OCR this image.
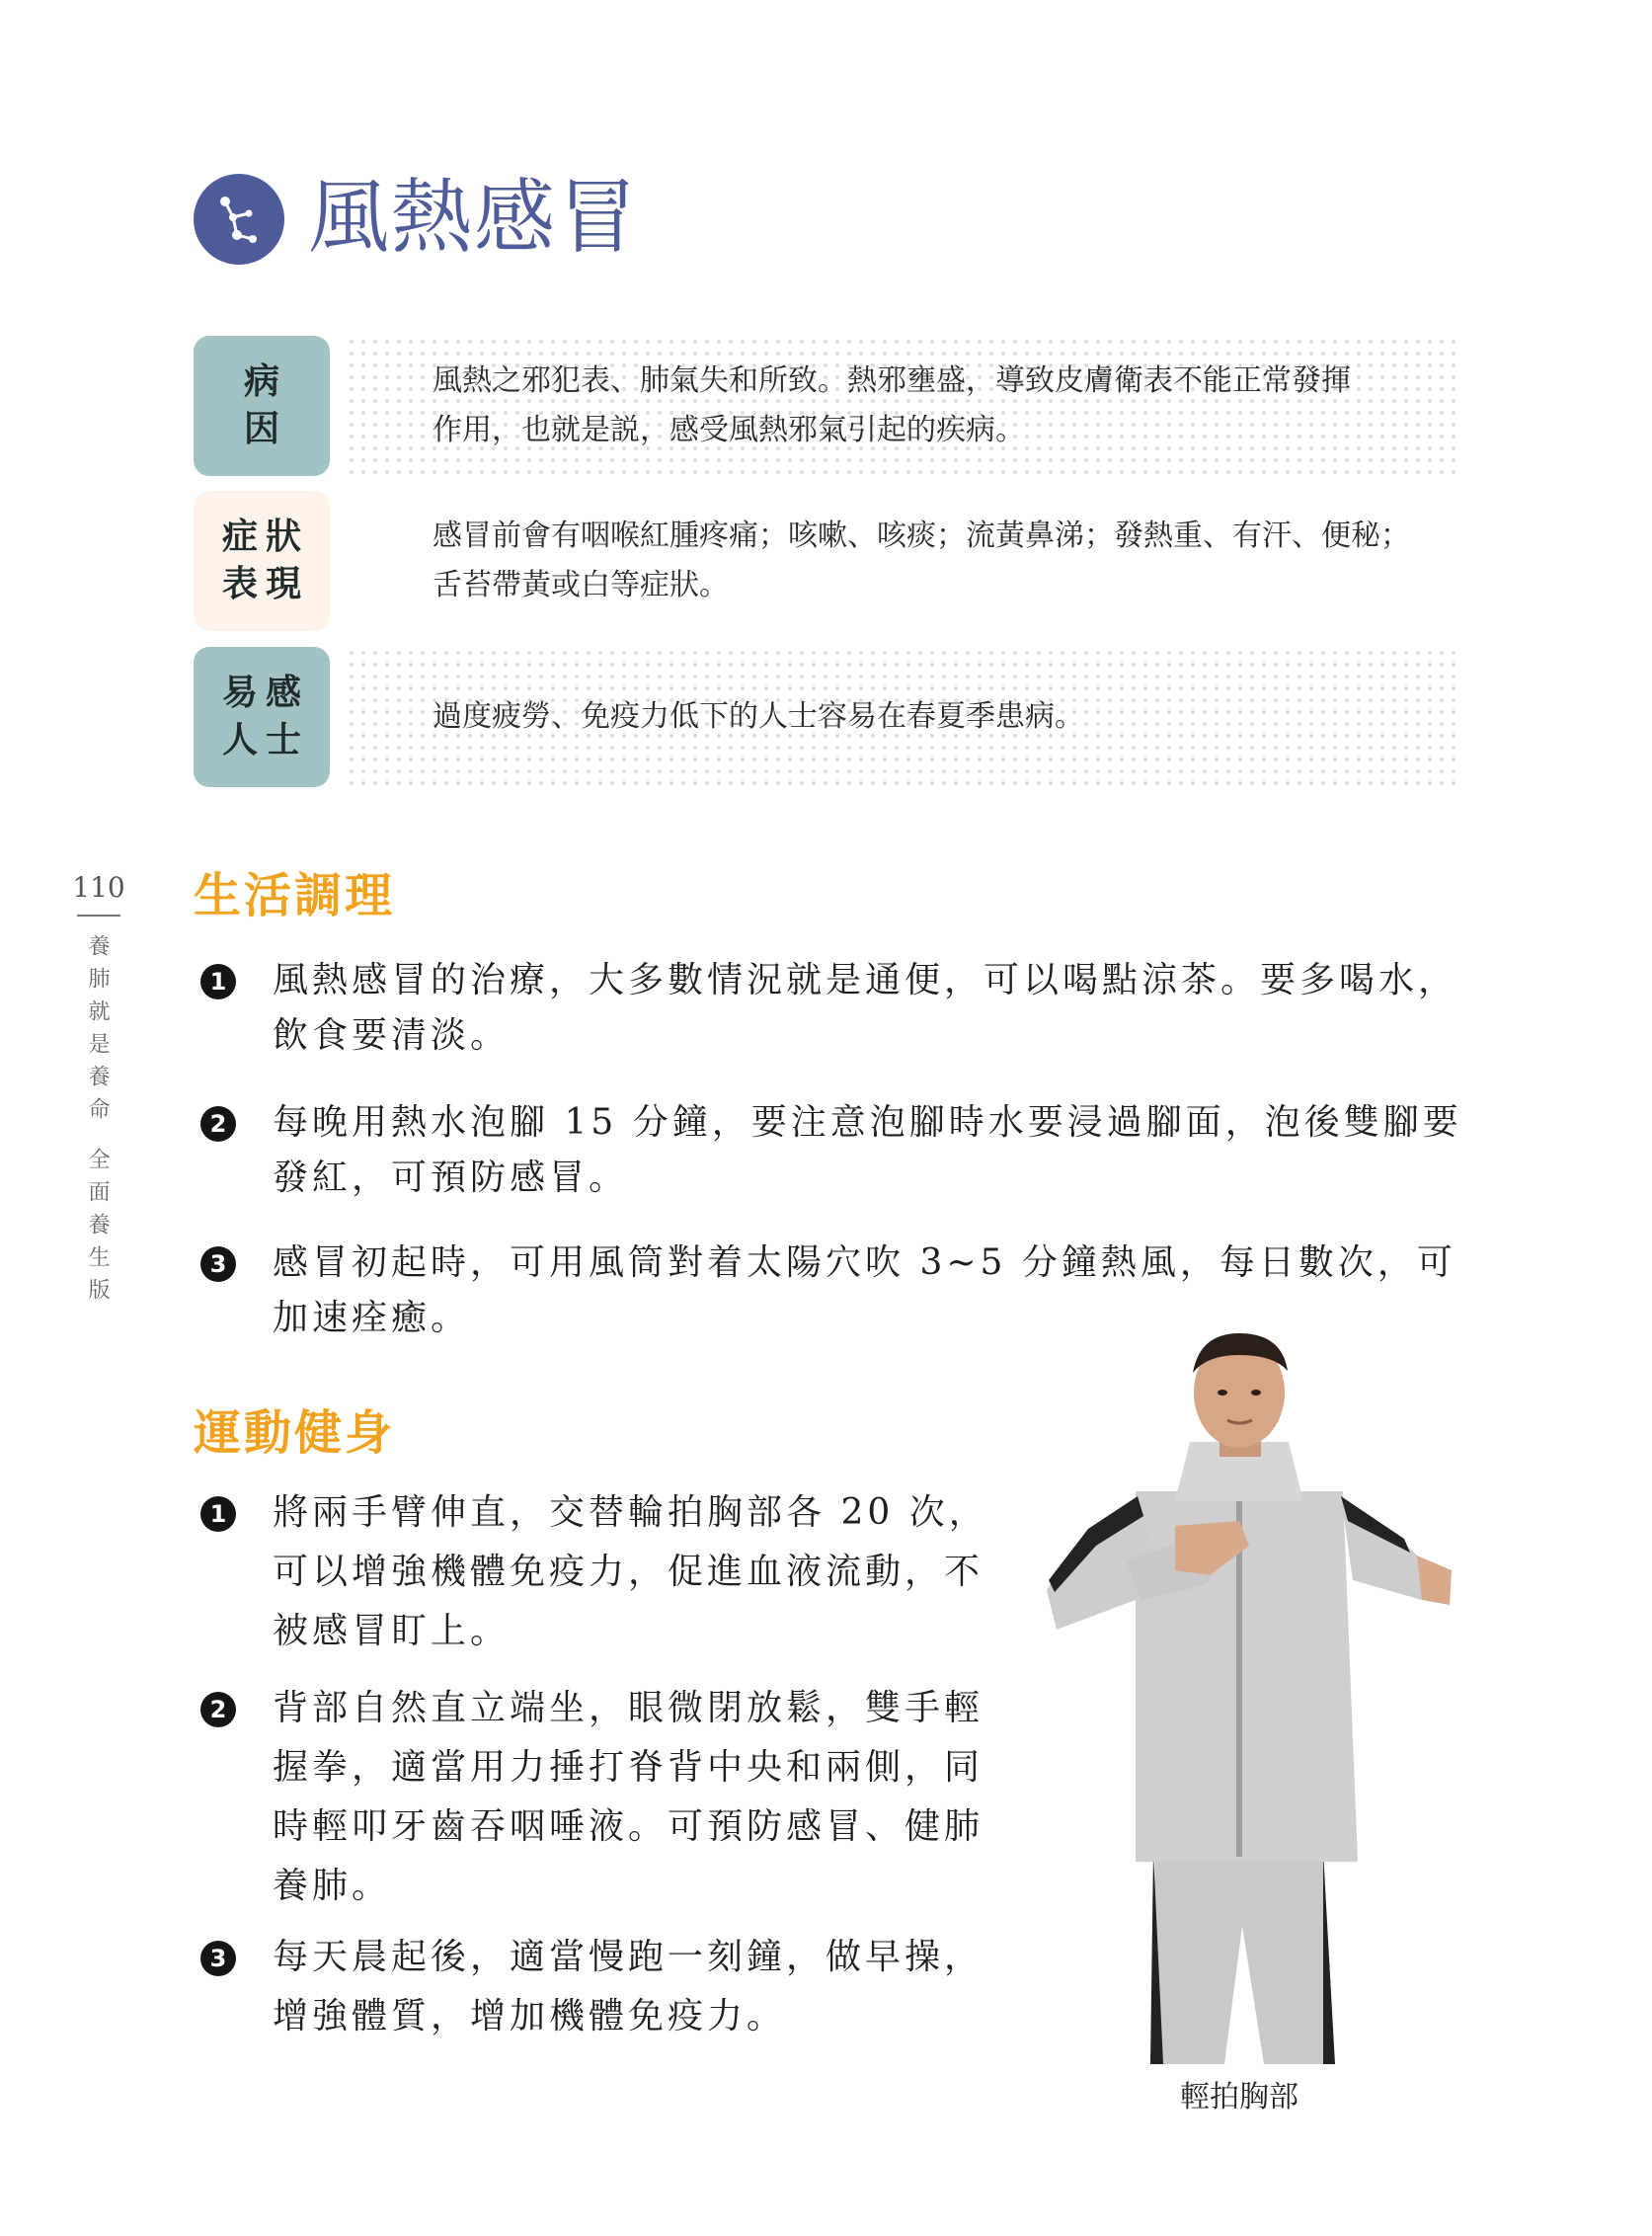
風熱感冒
病
因
風熱之邪犯表、肺氣失和所致。熱邪壅盛，導致皮膚衛表不能正常發揮
作用，也就是説，感受風熱邪氣引起的疾病。
症狀
表現
感冒前會有咽喉紅腫疼痛；咳嗽、咳痰；流黃鼻涕；發熱重、有汗、便秘；
舌苔帶黃或白等症狀。
易感
人士
過度疲勞、免疫力低下的人士容易在春夏季患病。
110
養肺就是養命 全面養生版
生活調理
1 風熱感冒的治療，大多數情況就是通便，可以喝點涼茶。要多喝水，
飲食要清淡。
2 每晚用熱水泡腳 15 分鐘，要注意泡腳時水要浸過腳面，泡後雙腳要
發紅，可預防感冒。
3 感冒初起時，可用風筒對着太陽穴吹 3~5 分鐘熱風，每日數次，可
加速痊癒。
運動健身
1 將兩手臂伸直，交替輪拍胸部各 20 次，
可以增強機體免疫力，促進血液流動，不
被感冒盯上。
2 背部自然直立端坐，眼微閉放鬆，雙手輕
握拳，適當用力捶打脊背中央和兩側，同
時輕叩牙齒吞咽唾液。可預防感冒、健肺
養肺。
3 每天晨起後，適當慢跑一刻鐘，做早操，
增強體質，增加機體免疫力。
輕拍胸部
